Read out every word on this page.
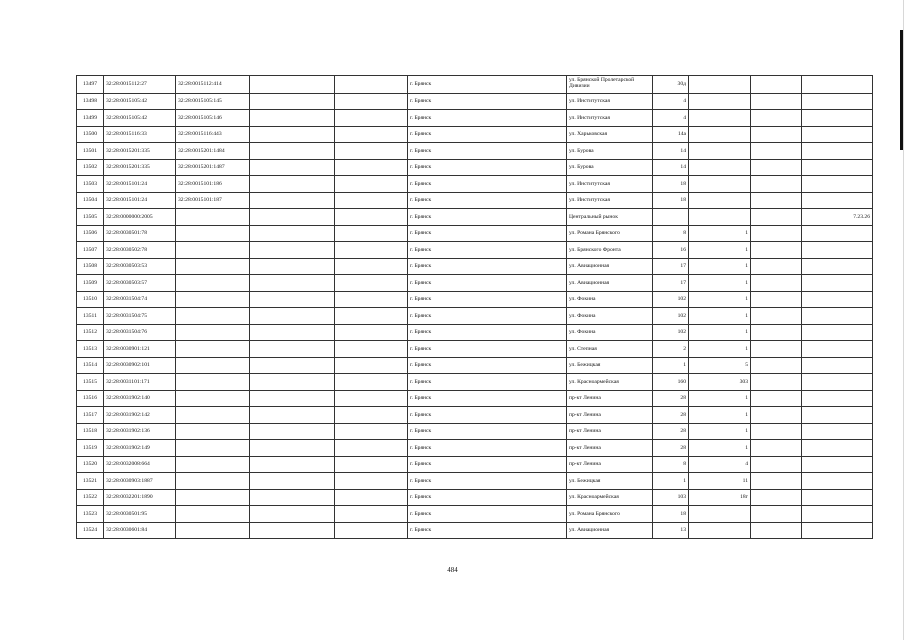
13497	32:28:0015112:27	32:28:0015112:414			г. Брянск	ул. Брянской Пролетарской Дивизии	30д			
13498	32:28:0015105:42	32:28:0015105:145			г. Брянск	ул. Институтская	4			
13499	32:28:0015105:42	32:28:0015105:146			г. Брянск	ул. Институтская	4			
13500	32:28:0015116:33	32:28:0015116:443			г. Брянск	ул. Харьковская	14а			
13501	32:28:0015201:335	32:28:0015201:1484			г. Брянск	ул. Бурова	14			
13502	32:28:0015201:335	32:28:0015201:1487			г. Брянск	ул. Бурова	14			
13503	32:28:0015101:24	32:28:0015101:186			г. Брянск	ул. Институтская	18			
13504	32:28:0015101:24	32:28:0015101:187			г. Брянск	ул. Институтская	18			
13505	32:28:0000000:2005				г. Брянск	Центральный рынок				7.23.26
13506	32:28:0030501:78				г. Брянск	ул. Романа Брянского	8	1		
13507	32:28:0030502:78				г. Брянск	ул. Брянского Фронта	16	1		
13508	32:28:0030503:53				г. Брянск	ул. Авиационная	17	1		
13509	32:28:0030503:57				г. Брянск	ул. Авиационная	17	1		
13510	32:28:0031504:74				г. Брянск	ул. Фокина	102	1		
13511	32:28:0031504:75				г. Брянск	ул. Фокина	102	1		
13512	32:28:0031504:76				г. Брянск	ул. Фокина	102	1		
13513	32:28:0030901:121				г. Брянск	ул. Степная	2	1		
13514	32:28:0030902:101				г. Брянск	ул. Бежицкая	1	5		
13515	32:28:0031101:171				г. Брянск	ул. Красноармейская	160	303		
13516	32:28:0031902:140				г. Брянск	пр-кт Ленина	28	1		
13517	32:28:0031902:142				г. Брянск	пр-кт Ленина	28	1		
13518	32:28:0031902:136				г. Брянск	пр-кт Ленина	28	1		
13519	32:28:0031902:149				г. Брянск	пр-кт Ленина	28	1		
13520	32:28:0032008:664				г. Брянск	пр-кт Ленина	8	4		
13521	32:28:0030903:1887				г. Брянск	ул. Бежицкая	1	11		
13522	32:28:0032201:1890				г. Брянск	ул. Красноармейская	103	18г		
13523	32:28:0030501:95				г. Брянск	ул. Романа Брянского	18			
13524	32:28:0030601:84				г. Брянск	ул. Авиационная	13			
484
